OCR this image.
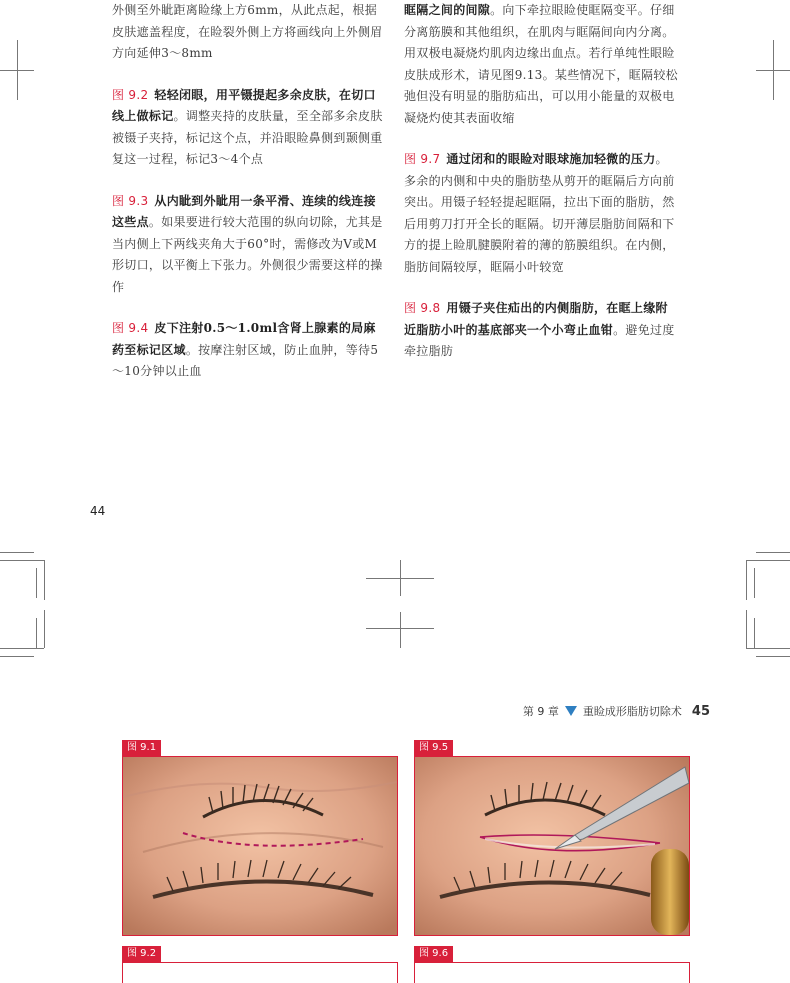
外侧至外眦距离睑缘上方6mm，从此点起，根据皮肤遮盖程度，在睑裂外侧上方将画线向上外侧眉方向延伸3～8mm

图 9.2 轻轻闭眼，用平镊提起多余皮肤，在切口线上做标记。调整夹持的皮肤量，至全部多余皮肤被镊子夹持，标记这个点，并沿眼睑鼻侧到颞侧重复这一过程，标记3～4个点

图 9.3 从内眦到外眦用一条平滑、连续的线连接这些点。如果要进行较大范围的纵向切除，尤其是当内侧上下两线夹角大于60°时，需修改为V或M形切口，以平衡上下张力。外侧很少需要这样的操作

图 9.4 皮下注射0.5～1.0ml含肾上腺素的局麻药至标记区域。按摩注射区域，防止血肿，等待5～10分钟以止血

眶隔之间的间隙。向下牵拉眼睑使眶隔变平。仔细分离筋膜和其他组织，在肌肉与眶隔间向内分离。用双极电凝烧灼肌肉边缘出血点。若行单纯性眼睑皮肤成形术，请见图9.13。某些情况下，眶隔较松弛但没有明显的脂肪疝出，可以用小能量的双极电凝烧灼使其表面收缩

图 9.7 通过闭和的眼睑对眼球施加轻微的压力。多余的内侧和中央的脂肪垫从剪开的眶隔后方向前突出。用镊子轻轻提起眶隔，拉出下面的脂肪，然后用剪刀打开全长的眶隔。切开薄层脂肪间隔和下方的提上睑肌腱膜附着的薄的筋膜组织。在内侧，脂肪间隔较厚，眶隔小叶较宽

图 9.8 用镊子夹住疝出的内侧脂肪，在眶上缘附近脂肪小叶的基底部夹一个小弯止血钳。避免过度牵拉脂肪

44
第 9 章 重睑成形脂肪切除术 45
图 9.1	图 9.5
图 9.2	图 9.6
